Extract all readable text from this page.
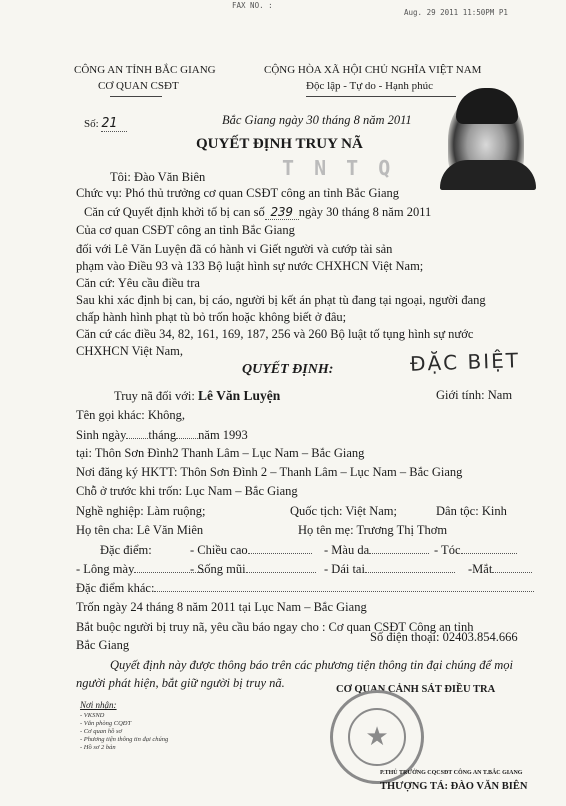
FAX NO. :
Aug. 29 2011 11:50PM P1
CÔNG AN TỈNH BẮC GIANG
CƠ QUAN CSĐT
CỘNG HÒA XÃ HỘI CHỦ NGHĨA VIỆT NAM
Độc lập - Tự do - Hạnh phúc
Số: 21	Bắc Giang ngày 30 tháng 8 năm 2011
QUYẾT ĐỊNH TRUY NÃ
T N T Q
Tôi: Đào Văn Biên
Chức vụ: Phó thủ trưởng cơ quan CSĐT công an tỉnh Bắc Giang
Căn cứ Quyết định khởi tố bị can số 239 ngày 30 tháng 8 năm 2011
Của cơ quan CSĐT công an tỉnh Bắc Giang
đối với Lê Văn Luyện đã có hành vi Giết người và cướp tài sản
phạm vào Điều 93 và 133 Bộ luật hình sự nước CHXHCN Việt Nam;
Căn cứ: Yêu cầu điều tra
Sau khi xác định bị can, bị cáo, người bị kết án phạt tù đang tại ngoại, người đang
chấp hành hình phạt tù bỏ trốn hoặc không biết ở đâu;
Căn cứ các điều 34, 82, 161, 169, 187, 256 và 260 Bộ luật tố tụng hình sự nước
CHXHCN Việt Nam,
QUYẾT ĐỊNH:	ĐẶC BIỆT
Truy nã đối với: Lê Văn Luyện	Giới tính: Nam
Tên gọi khác: Không,
Sinh ngày tháng năm 1993
tại: Thôn Sơn Đình2 Thanh Lâm – Lục Nam – Bắc Giang
Nơi đăng ký HKTT: Thôn Sơn Đình 2 – Thanh Lâm – Lục Nam – Bắc Giang
Chỗ ở trước khi trốn: Lục Nam – Bắc Giang
Nghề nghiệp: Làm ruộng;	Quốc tịch: Việt Nam;	Dân tộc: Kinh
Họ tên cha: Lê Văn Miên	Họ tên mẹ: Trương Thị Thơm
Đặc điểm:	- Chiều cao	- Màu da	- Tóc
- Lông mày	- Sống mũi	- Dái tai	-Mắt
Đặc điểm khác:
Trốn ngày 24 tháng 8 năm 2011 tại Lục Nam – Bắc Giang
Bắt buộc người bị truy nã, yêu cầu báo ngay cho : Cơ quan CSĐT Công an tỉnh
Bắc Giang
Số điện thoại: 02403.854.666
Quyết định này được thông báo trên các phương tiện thông tin đại chúng để mọi
người phát hiện, bắt giữ người bị truy nã.
Nơi nhận:
- VKSND
- Văn phòng CQĐT
- Cơ quan hồ sơ
- Phương tiện thông tin đại chúng
- Hồ sơ 2 bản
CƠ QUAN CẢNH SÁT ĐIỀU TRA
★
P.THỦ TRƯỞNG CQCSĐT CÔNG AN T.BẮC GIANG
THƯỢNG TÁ: ĐÀO VĂN BIÊN
